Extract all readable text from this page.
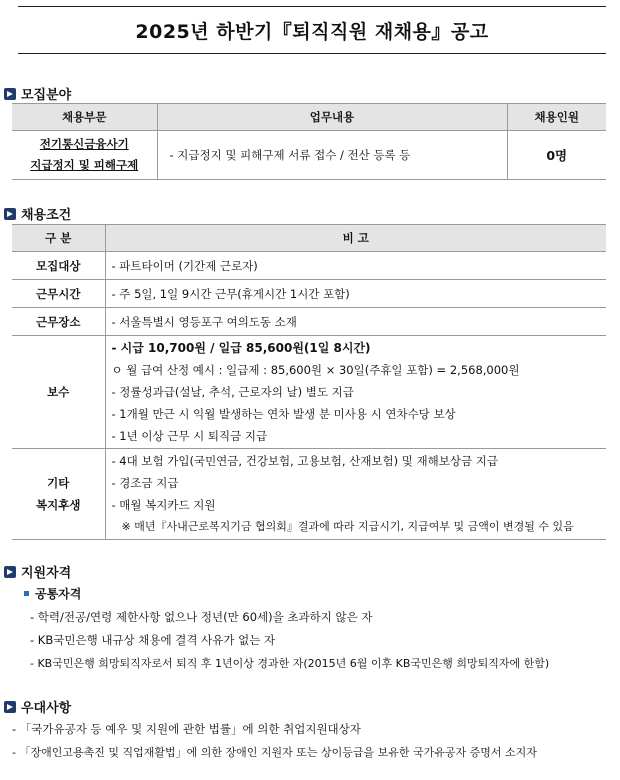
2025년 하반기『퇴직직원 재채용』공고
모집분야
채용부문	업무내용	채용인원

전기통신금융사기
지급정지 및 피해구제	- 지급정지 및 피해구제 서류 접수 / 전산 등록 등	0명
채용조건
구 분	비 고
모집대상	- 파트타이머 (기간제 근로자)
근무시간	- 주 5일, 1일 9시간 근무(휴게시간 1시간 포함)
근무장소	- 서울특별시 영등포구 여의도동 소재
보수	- 시급 10,700원 / 일급 85,600원(1일 8시간)
ㅇ 월 급여 산정 예시 : 일급제 : 85,600원 × 30일(주휴일 포함) = 2,568,000원
- 정률성과급(설날, 추석, 근로자의 날) 별도 지급
- 1개월 만근 시 익월 발생하는 연차 발생 분 미사용 시 연차수당 보상
- 1년 이상 근무 시 퇴직금 지급

기타
복지후생	- 4대 보험 가입(국민연금, 건강보험, 고용보험, 산재보험) 및 재해보상금 지급
- 경조금 지급
- 매월 복지카드 지원
※ 매년『사내근로복지기금 협의회』결과에 따라 지급시기, 지급여부 및 금액이 변경될 수 있음
지원자격
공통자격
- 학력/전공/연령 제한사항 없으나 정년(만 60세)을 초과하지 않은 자
- KB국민은행 내규상 채용에 결격 사유가 없는 자
- KB국민은행 희망퇴직자로서 퇴직 후 1년이상 경과한 자(2015년 6월 이후 KB국민은행 희망퇴직자에 한함)
우대사항
- 「국가유공자 등 예우 및 지원에 관한 법률」에 의한 취업지원대상자
- 「장애인고용촉진 및 직업재활법」에 의한 장애인 지원자 또는 상이등급을 보유한 국가유공자 증명서 소지자
